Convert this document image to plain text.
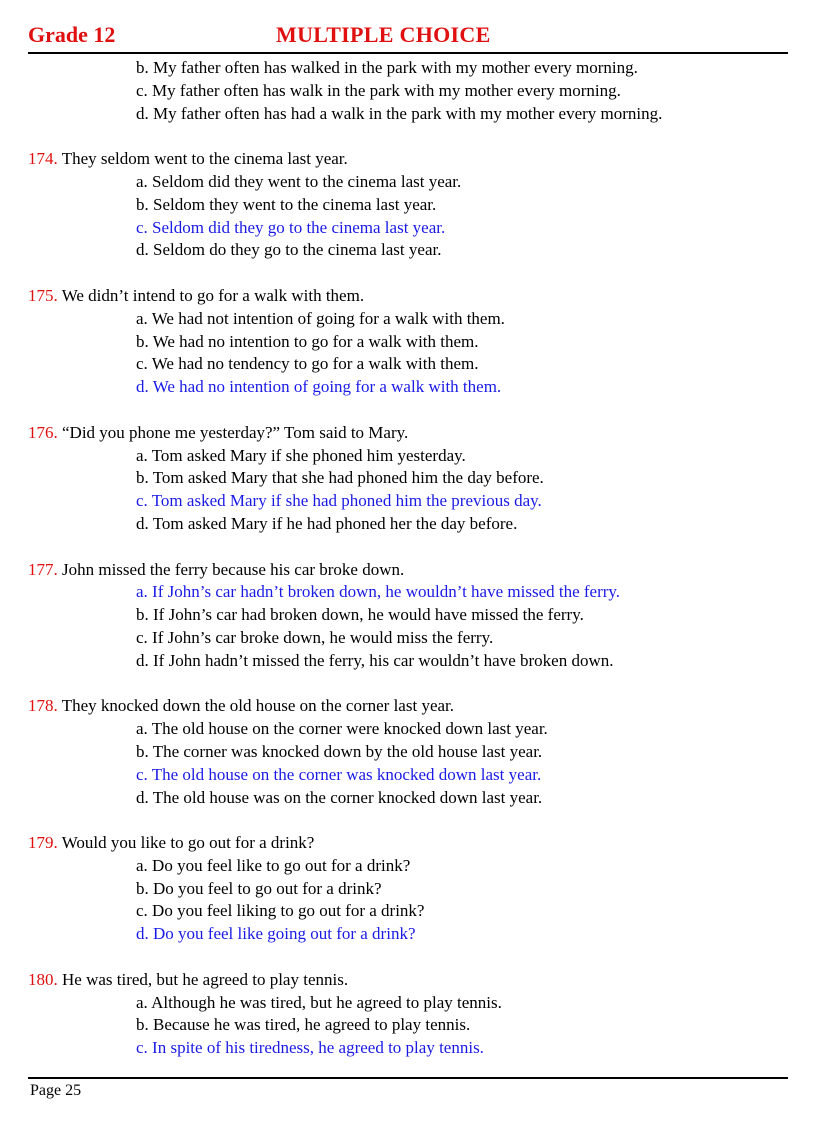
Grade 12	MULTIPLE CHOICE
b. My father often has walked in the park with my mother every morning.
c. My father often has walk in the park with my mother every morning.
d. My father often has had a walk in the park with my mother every morning.
174. They seldom went to the cinema last year.
a. Seldom did they went to the cinema last year.
b. Seldom they went to the cinema last year.
c. Seldom did they go to the cinema last year.
d. Seldom do they go to the cinema last year.
175. We didn’t intend to go for a walk with them.
a. We had not intention of going for a walk with them.
b. We had no intention to go for a walk with them.
c. We had no tendency to go for a walk with them.
d. We had no intention of going for a walk with them.
176. “Did you phone me yesterday?” Tom said to Mary.
a. Tom asked Mary if she phoned him yesterday.
b. Tom asked Mary that she had phoned him the day before.
c. Tom asked Mary if she had phoned him the previous day.
d. Tom asked Mary if he had phoned her the day before.
177. John missed the ferry because his car broke down.
a. If John’s car hadn’t broken down, he wouldn’t have missed the ferry.
b. If John’s car had broken down, he would have missed the ferry.
c. If John’s car broke down, he would miss the ferry.
d. If John hadn’t missed the ferry, his car wouldn’t have broken down.
178. They knocked down the old house on the corner last year.
a. The old house on the corner were knocked down last year.
b. The corner was knocked down by the old house last year.
c. The old house on the corner was knocked down last year.
d. The old house was on the corner knocked down last year.
179. Would you like to go out for a drink?
a. Do you feel like to go out for a drink?
b. Do you feel to go out for a drink?
c. Do you feel liking to go out for a drink?
d. Do you feel like going out for a drink?
180. He was tired, but he agreed to play tennis.
a. Although he was tired, but he agreed to play tennis.
b. Because he was tired, he agreed to play tennis.
c. In spite of his tiredness, he agreed to play tennis.
Page 25
